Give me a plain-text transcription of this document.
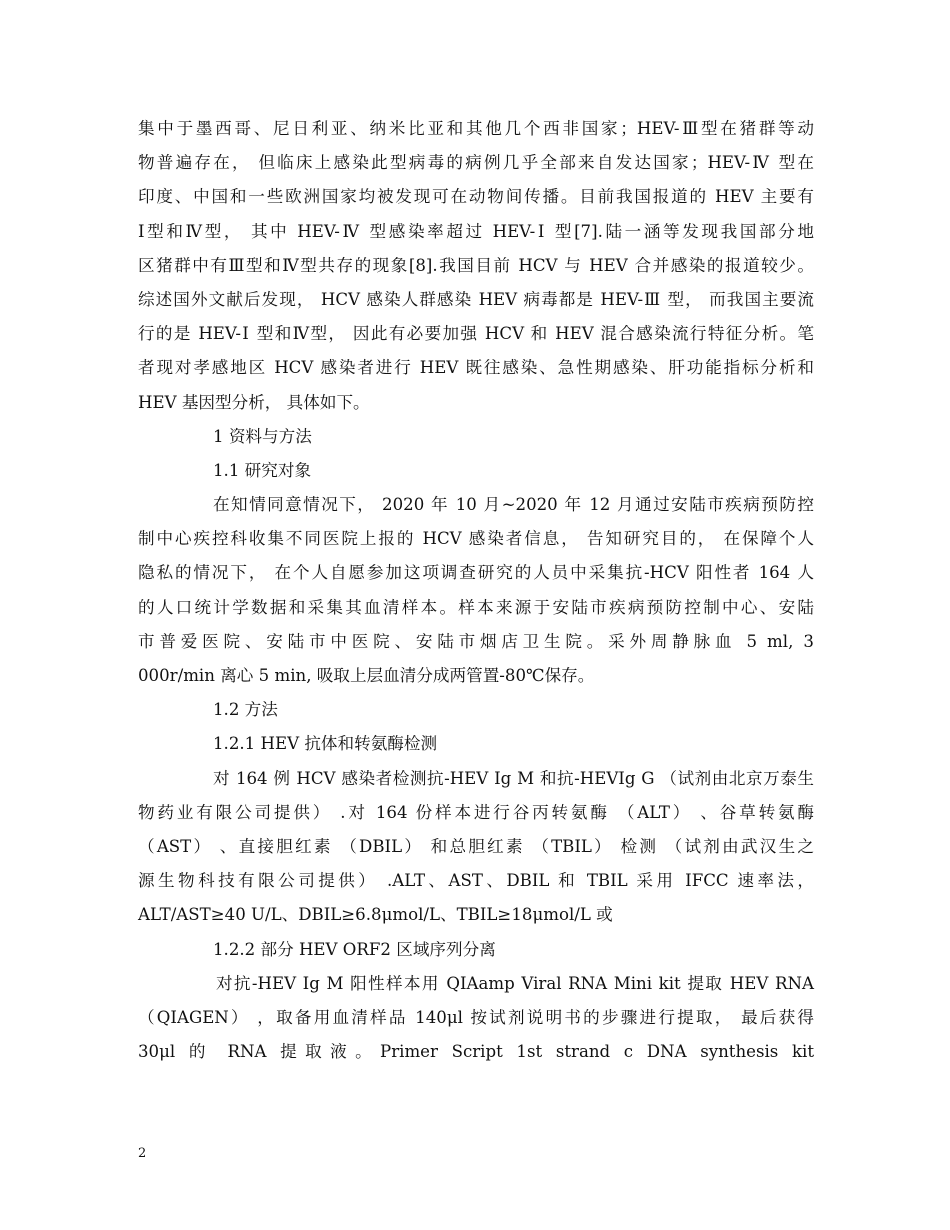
集中于墨西哥、尼日利亚、纳米比亚和其他几个西非国家；HEV-Ⅲ型在猪群等动
物普遍存在， 但临床上感染此型病毒的病例几乎全部来自发达国家；HEV-Ⅳ 型在
印度、中国和一些欧洲国家均被发现可在动物间传播。目前我国报道的 HEV 主要有
Ⅰ型和Ⅳ型， 其中 HEV-Ⅳ 型感染率超过 HEV-Ⅰ 型[7].陆一涵等发现我国部分地
区猪群中有Ⅲ型和Ⅳ型共存的现象[8].我国目前 HCV 与 HEV 合并感染的报道较少。
综述国外文献后发现， HCV 感染人群感染 HEV 病毒都是 HEV-Ⅲ 型， 而我国主要流
行的是 HEV-Ⅰ 型和Ⅳ型， 因此有必要加强 HCV 和 HEV 混合感染流行特征分析。笔
者现对孝感地区 HCV 感染者进行 HEV 既往感染、急性期感染、肝功能指标分析和
HEV 基因型分析， 具体如下。
1 资料与方法
1.1 研究对象
在知情同意情况下， 2020 年 10 月~2020 年 12 月通过安陆市疾病预防控
制中心疾控科收集不同医院上报的 HCV 感染者信息， 告知研究目的， 在保障个人
隐私的情况下， 在个人自愿参加这项调查研究的人员中采集抗-HCV 阳性者 164 人
的人口统计学数据和采集其血清样本。样本来源于安陆市疾病预防控制中心、安陆
市普爱医院、安陆市中医院、安陆市烟店卫生院。采外周静脉血 5 ml, 3
000r/min 离心 5 min, 吸取上层血清分成两管置-80℃保存。
1.2 方法
1.2.1 HEV 抗体和转氨酶检测
对 164 例 HCV 感染者检测抗-HEV Ig M 和抗-HEVIg G （试剂由北京万泰生
物药业有限公司提供） .对 164 份样本进行谷丙转氨酶 （ALT） 、谷草转氨酶
（AST） 、直接胆红素 （DBIL） 和总胆红素 （TBIL） 检测 （试剂由武汉生之
源生物科技有限公司提供） .ALT、AST、DBIL 和 TBIL 采用 IFCC 速率法，
ALT/AST≥40 U/L、DBIL≥6.8μmol/L、TBIL≥18μmol/L 或
1.2.2 部分 HEV ORF2 区域序列分离
对抗-HEV Ig M 阳性样本用 QIAamp Viral RNA Mini kit 提取 HEV RNA
（QIAGEN） ，取备用血清样品 140μl 按试剂说明书的步骤进行提取， 最后获得
30μl 的 RNA 提取液。Primer Script 1st strand c DNA synthesis kit
2
